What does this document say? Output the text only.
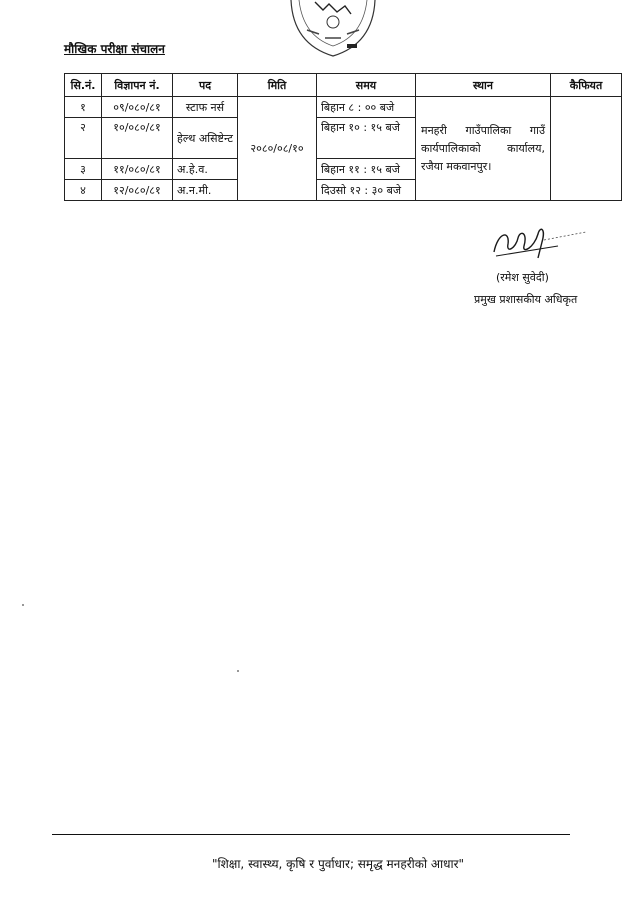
मौखिक परीक्षा संचालन
सि.नं.	विज्ञापन नं.	पद	मिति	समय	स्थान	कैफियत
१	०९/०८०/८१	स्टाफ नर्स	२०८०/०८/१०	बिहान ८ : ०० बजे	मनहरी गाउँपालिका गाउँ कार्यपालिकाको कार्यालय, रजैया मकवानपुर।	
२	१०/०८०/८१	हेल्थ असिष्टेन्ट		बिहान १० : १५ बजे		
३	११/०८०/८१	अ.हे.व.		बिहान ११ : १५ बजे		
४	१२/०८०/८१	अ.न.मी.		दिउसो १२ : ३० बजे		
(रमेश सुवेदी)
प्रमुख प्रशासकीय अधिकृत
"शिक्षा, स्वास्थ्य, कृषि र पुर्वाधार; समृद्ध मनहरीको आधार"
